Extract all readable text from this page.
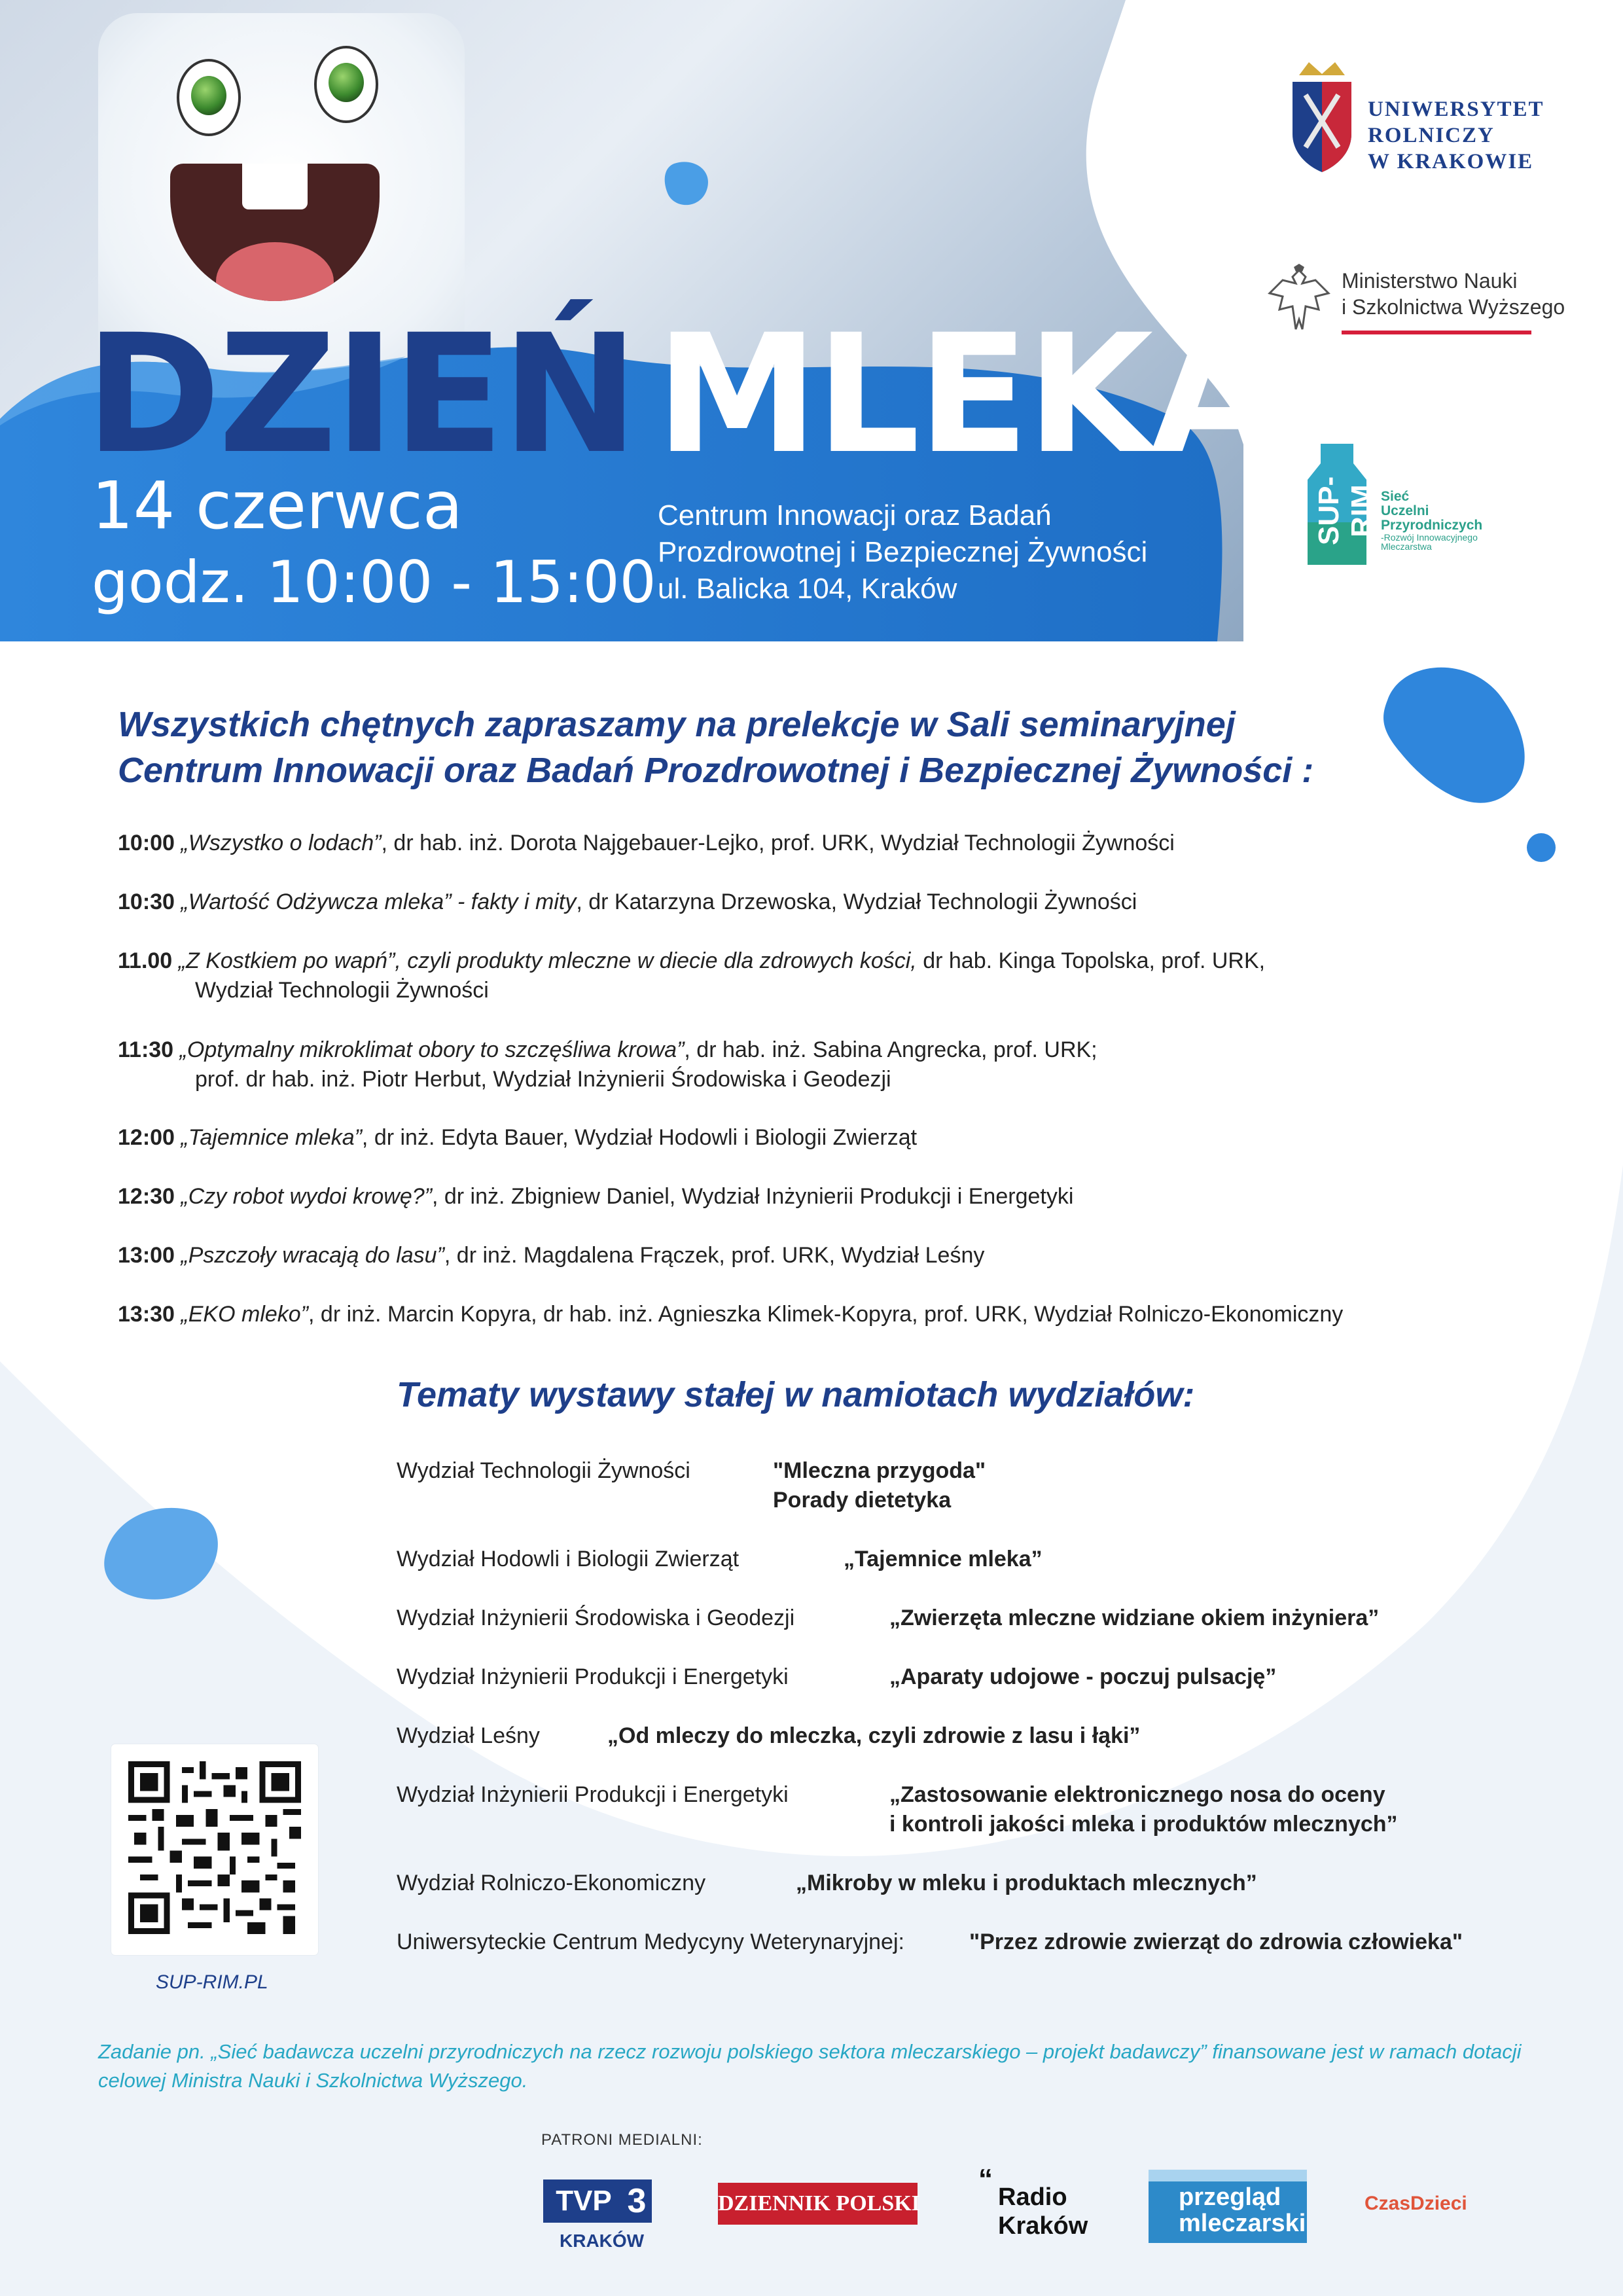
DZIEŃ MLEKA
14 czerwca
godz. 10:00 - 15:00
Centrum Innowacji oraz Badań
Prozdrowotnej i Bezpiecznej Żywności
ul. Balicka 104, Kraków
UNIWERSYTET
ROLNICZY
W KRAKOWIE
Ministerstwo Nauki
i Szkolnictwa Wyższego
SUP-RIM Sieć
Uczelni
Przyrodniczych
-Rozwój Innowacyjnego
Mleczarstwa
Wszystkich chętnych zapraszamy na prelekcje w Sali seminaryjnej
Centrum Innowacji oraz Badań Prozdrowotnej i Bezpiecznej Żywności :
10:00 „Wszystko o lodach”, dr hab. inż. Dorota Najgebauer-Lejko, prof. URK, Wydział Technologii Żywności
10:30 „Wartość Odżywcza mleka” - fakty i mity, dr Katarzyna Drzewoska, Wydział Technologii Żywności
11.00 „Z Kostkiem po wapń”, czyli produkty mleczne w diecie dla zdrowych kości, dr hab. Kinga Topolska, prof. URK,
Wydział Technologii Żywności
11:30 „Optymalny mikroklimat obory to szczęśliwa krowa”, dr hab. inż. Sabina Angrecka, prof. URK;
prof. dr hab. inż. Piotr Herbut, Wydział Inżynierii Środowiska i Geodezji
12:00 „Tajemnice mleka”, dr inż. Edyta Bauer, Wydział Hodowli i Biologii Zwierząt
12:30 „Czy robot wydoi krowę?”, dr inż. Zbigniew Daniel, Wydział Inżynierii Produkcji i Energetyki
13:00 „Pszczoły wracają do lasu”, dr inż. Magdalena Frączek, prof. URK, Wydział Leśny
13:30 „EKO mleko”, dr inż. Marcin Kopyra, dr hab. inż. Agnieszka Klimek-Kopyra, prof. URK, Wydział Rolniczo-Ekonomiczny
Tematy wystawy stałej w namiotach wydziałów:
Wydział Technologii Żywności	"Mleczna przygoda"
Porady dietetyka
Wydział Hodowli i Biologii Zwierząt	„Tajemnice mleka”
Wydział Inżynierii Środowiska i Geodezji	„Zwierzęta mleczne widziane okiem inżyniera”
Wydział Inżynierii Produkcji i Energetyki	„Aparaty udojowe - poczuj pulsację”
Wydział Leśny	„Od mleczy do mleczka, czyli zdrowie z lasu i łąki”
Wydział Inżynierii Produkcji i Energetyki	„Zastosowanie elektronicznego nosa do oceny
i kontroli jakości mleka i produktów mlecznych”
Wydział Rolniczo-Ekonomiczny	„Mikroby w mleku i produktach mlecznych”
Uniwersyteckie Centrum Medycyny Weterynaryjnej:	"Przez zdrowie zwierząt do zdrowia człowieka"
SUP-RIM.PL
Zadanie pn. „Sieć badawcza uczelni przyrodniczych na rzecz rozwoju polskiego sektora mleczarskiego – projekt badawczy” finansowane jest w ramach dotacji celowej Ministra Nauki i Szkolnictwa Wyższego.
PATRONI MEDIALNI:
TVP 3
KRAKÓW
DZIENNIK POLSKI
“
Radio
Kraków
przegląd
mleczarski
CzasDzieci
